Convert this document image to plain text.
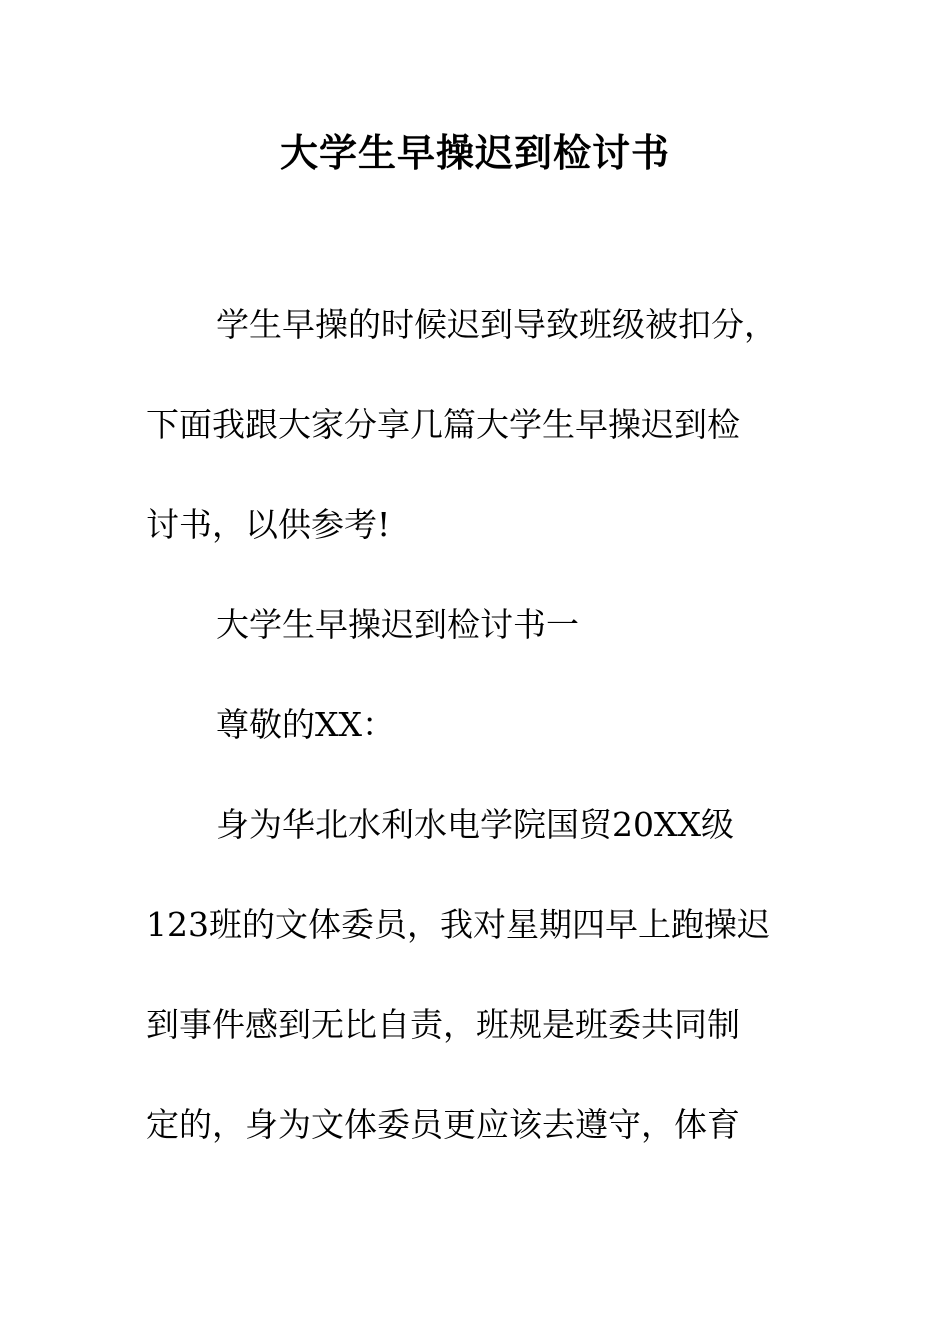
大学生早操迟到检讨书
学生早操的时候迟到导致班级被扣分，
下面我跟大家分享几篇大学生早操迟到检
讨书，以供参考!
大学生早操迟到检讨书一
尊敬的XX：
身为华北水利水电学院国贸20XX级
123班的文体委员，我对星期四早上跑操迟
到事件感到无比自责，班规是班委共同制
定的，身为文体委员更应该去遵守，体育
